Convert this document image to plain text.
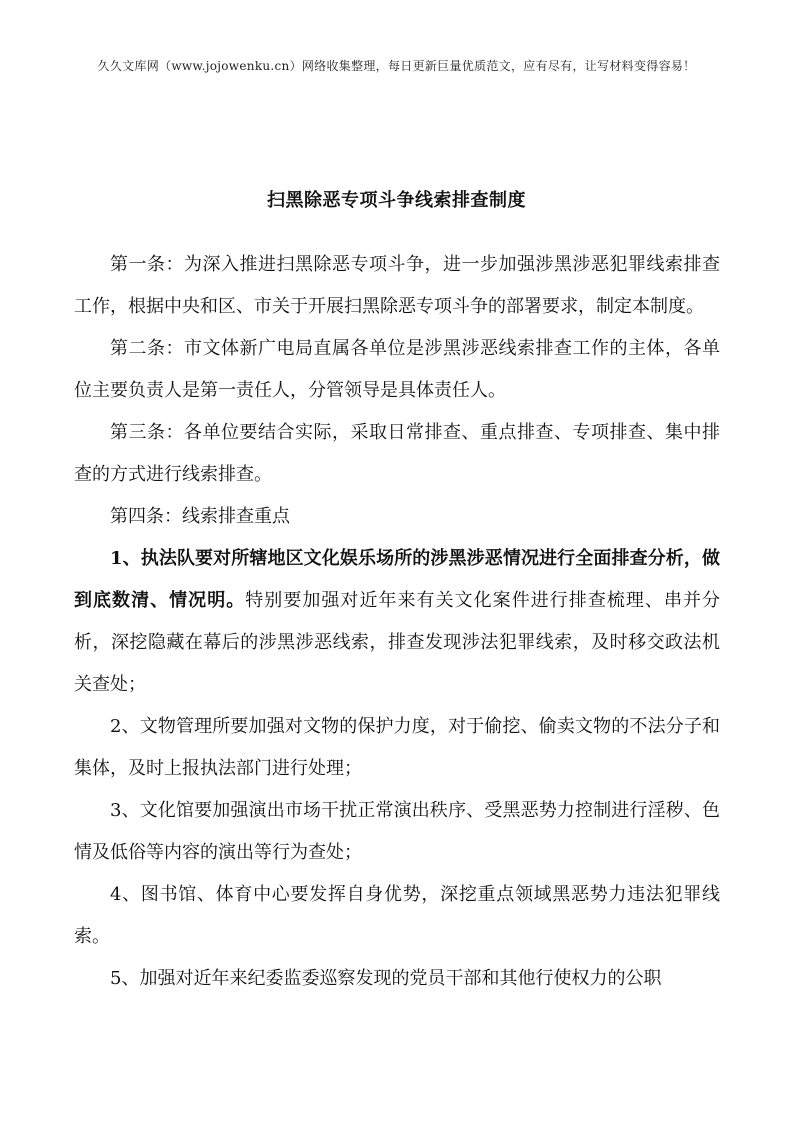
久久文库网（www.jojowenku.cn）网络收集整理，每日更新巨量优质范文，应有尽有，让写材料变得容易！
扫黑除恶专项斗争线索排查制度

第一条：为深入推进扫黑除恶专项斗争，进一步加强涉黑涉恶犯罪线索排查工作，根据中央和区、市关于开展扫黑除恶专项斗争的部署要求，制定本制度。

第二条：市文体新广电局直属各单位是涉黑涉恶线索排查工作的主体，各单位主要负责人是第一责任人，分管领导是具体责任人。

第三条：各单位要结合实际，采取日常排查、重点排查、专项排查、集中排查的方式进行线索排查。

第四条：线索排查重点

1、执法队要对所辖地区文化娱乐场所的涉黑涉恶情况进行全面排查分析，做到底数清、情况明。特别要加强对近年来有关文化案件进行排查梳理、串并分析，深挖隐藏在幕后的涉黑涉恶线索，排查发现涉法犯罪线索，及时移交政法机关查处；

2、文物管理所要加强对文物的保护力度，对于偷挖、偷卖文物的不法分子和集体，及时上报执法部门进行处理；

3、文化馆要加强演出市场干扰正常演出秩序、受黑恶势力控制进行淫秽、色情及低俗等内容的演出等行为查处；

4、图书馆、体育中心要发挥自身优势，深挖重点领域黑恶势力违法犯罪线索。

5、加强对近年来纪委监委巡察发现的党员干部和其他行使权力的公职
